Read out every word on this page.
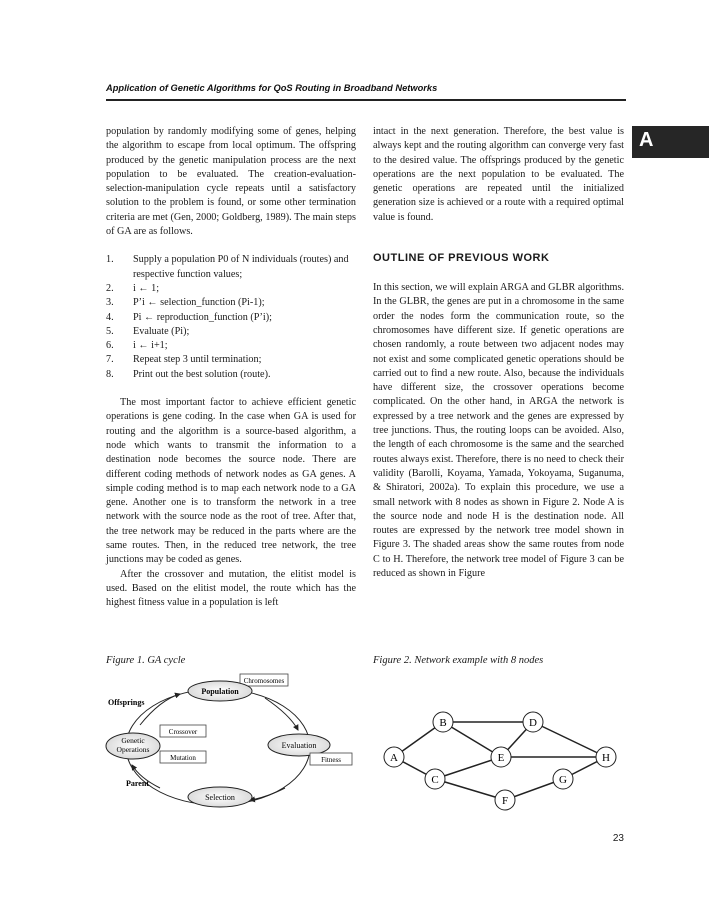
Application of Genetic Algorithms for QoS Routing in Broadband Networks
A

population by randomly modifying some of genes, helping the algorithm to escape from local optimum. The offspring produced by the genetic manipulation process are the next population to be evaluated. The creation-evaluation-selection-manipulation cycle repeats until a satisfactory solution to the problem is found, or some other termination criteria are met (Gen, 2000; Goldberg, 1989). The main steps of GA are as follows.

1. Supply a population P0 of N individuals (routes) and respective function values;
2. i ← 1;
3. P’i ← selection_function (Pi-1);
4. Pi ← reproduction_function (P’i);
5. Evaluate (Pi);
6. i ← i+1;
7. Repeat step 3 until termination;
8. Print out the best solution (route).

The most important factor to achieve efficient genetic operations is gene coding. In the case when GA is used for routing and the algorithm is a source-based algorithm, a node which wants to transmit the information to a destination node becomes the source node. There are different coding methods of network nodes as GA genes. A simple coding method is to map each network node to a GA gene. Another one is to transform the network in a tree network with the source node as the root of tree. After that, the tree network may be reduced in the parts where are the same routes. Then, in the reduced tree network, the tree junctions may be coded as genes.

After the crossover and mutation, the elitist model is used. Based on the elitist model, the route which has the highest fitness value in a population is left

intact in the next generation. Therefore, the best value is always kept and the routing algorithm can converge very fast to the desired value. The offsprings produced by the genetic operations are the next population to be evaluated. The genetic operations are repeated until the initialized generation size is achieved or a route with a required optimal value is found.

OUTLINE OF PREVIOUS WORK

In this section, we will explain ARGA and GLBR algorithms. In the GLBR, the genes are put in a chromosome in the same order the nodes form the communication route, so the chromosomes have different size. If genetic operations are chosen randomly, a route between two adjacent nodes may not exist and some complicated genetic operations should be carried out to find a new route. Also, because the individuals have different size, the crossover operations become complicated. On the other hand, in ARGA the network is expressed by a tree network and the genes are expressed by tree junctions. Thus, the routing loops can be avoided. Also, the length of each chromosome is the same and the searched routes always exist. Therefore, there is no need to check their validity (Barolli, Koyama, Yamada, Yokoyama, Suganuma, & Shiratori, 2002a). To explain this procedure, we use a small network with 8 nodes as shown in Figure 2. Node A is the source node and node H is the destination node. All routes are expressed by the network tree model shown in Figure 3. The shaded areas show the same routes from node C to H. Therefore, the network tree model of Figure 3 can be reduced as shown in Figure

Figure 1. GA cycle	Figure 2. Network example with 8 nodes
Chromosomes
Population
Offsprings
Crossover
Genetic
Operations
Mutation
Evaluation
Fitness
Parent
Selection
A
B
C
D
E
F
G
H
23
